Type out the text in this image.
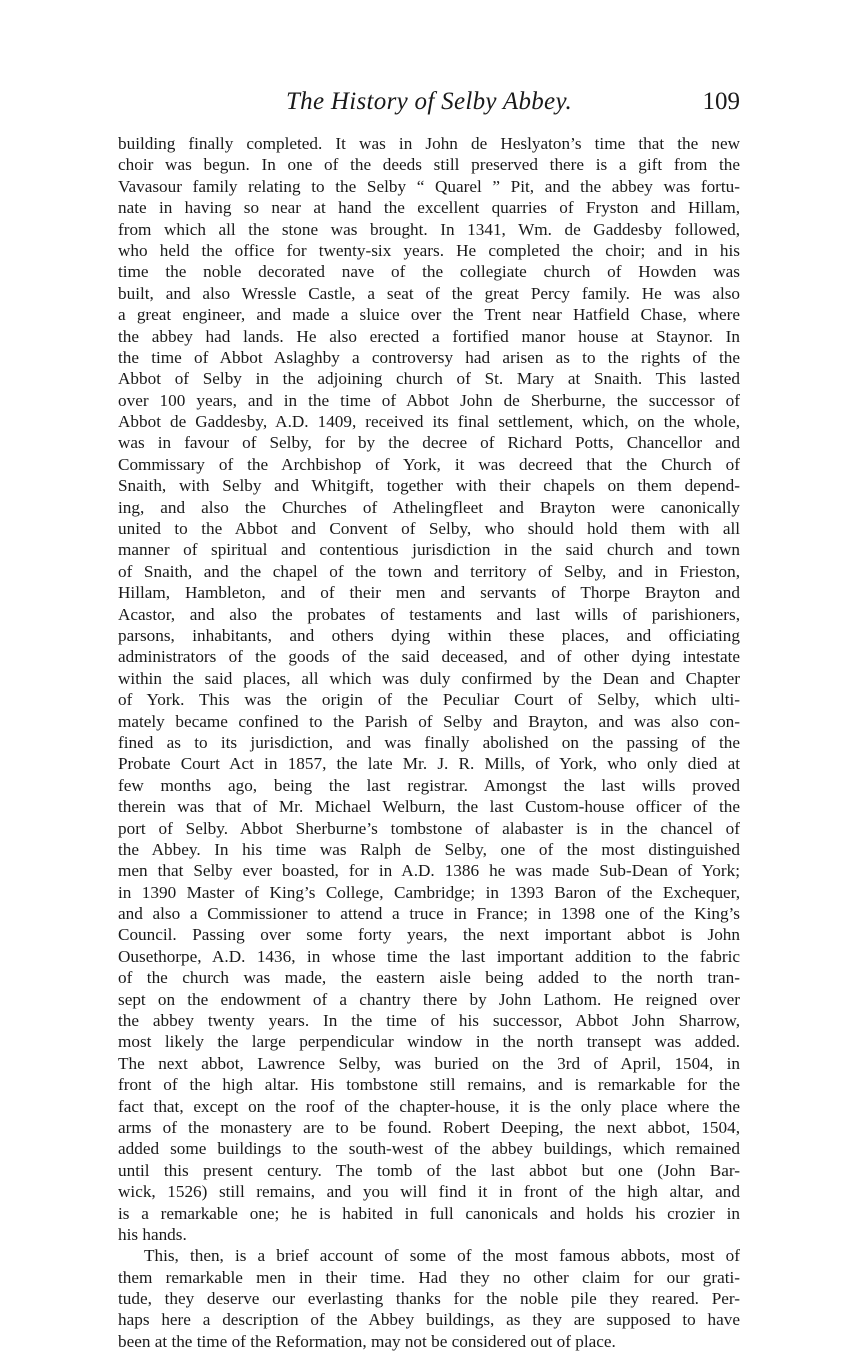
The History of Selby Abbey.	109
building finally completed. It was in John de Heslyaton’s time that the new
choir was begun. In one of the deeds still preserved there is a gift from the
Vavasour family relating to the Selby “ Quarel ” Pit, and the abbey was fortu-
nate in having so near at hand the excellent quarries of Fryston and Hillam,
from which all the stone was brought. In 1341, Wm. de Gaddesby followed,
who held the office for twenty-six years. He completed the choir; and in his
time the noble decorated nave of the collegiate church of Howden was
built, and also Wressle Castle, a seat of the great Percy family. He was also
a great engineer, and made a sluice over the Trent near Hatfield Chase, where
the abbey had lands. He also erected a fortified manor house at Staynor. In
the time of Abbot Aslaghby a controversy had arisen as to the rights of the
Abbot of Selby in the adjoining church of St. Mary at Snaith. This lasted
over 100 years, and in the time of Abbot John de Sherburne, the successor of
Abbot de Gaddesby, A.D. 1409, received its final settlement, which, on the whole,
was in favour of Selby, for by the decree of Richard Potts, Chancellor and
Commissary of the Archbishop of York, it was decreed that the Church of
Snaith, with Selby and Whitgift, together with their chapels on them depend-
ing, and also the Churches of Athelingfleet and Brayton were canonically
united to the Abbot and Convent of Selby, who should hold them with all
manner of spiritual and contentious jurisdiction in the said church and town
of Snaith, and the chapel of the town and territory of Selby, and in Frieston,
Hillam, Hambleton, and of their men and servants of Thorpe Brayton and
Acastor, and also the probates of testaments and last wills of parishioners,
parsons, inhabitants, and others dying within these places, and officiating
administrators of the goods of the said deceased, and of other dying intestate
within the said places, all which was duly confirmed by the Dean and Chapter
of York. This was the origin of the Peculiar Court of Selby, which ulti-
mately became confined to the Parish of Selby and Brayton, and was also con-
fined as to its jurisdiction, and was finally abolished on the passing of the
Probate Court Act in 1857, the late Mr. J. R. Mills, of York, who only died at
few months ago, being the last registrar. Amongst the last wills proved
therein was that of Mr. Michael Welburn, the last Custom-house officer of the
port of Selby. Abbot Sherburne’s tombstone of alabaster is in the chancel of
the Abbey. In his time was Ralph de Selby, one of the most distinguished
men that Selby ever boasted, for in A.D. 1386 he was made Sub-Dean of York;
in 1390 Master of King’s College, Cambridge; in 1393 Baron of the Exchequer,
and also a Commissioner to attend a truce in France; in 1398 one of the King’s
Council. Passing over some forty years, the next important abbot is John
Ousethorpe, A.D. 1436, in whose time the last important addition to the fabric
of the church was made, the eastern aisle being added to the north tran-
sept on the endowment of a chantry there by John Lathom. He reigned over
the abbey twenty years. In the time of his successor, Abbot John Sharrow,
most likely the large perpendicular window in the north transept was added.
The next abbot, Lawrence Selby, was buried on the 3rd of April, 1504, in
front of the high altar. His tombstone still remains, and is remarkable for the
fact that, except on the roof of the chapter-house, it is the only place where the
arms of the monastery are to be found. Robert Deeping, the next abbot, 1504,
added some buildings to the south-west of the abbey buildings, which remained
until this present century. The tomb of the last abbot but one (John Bar-
wick, 1526) still remains, and you will find it in front of the high altar, and
is a remarkable one; he is habited in full canonicals and holds his crozier in
his hands.
This, then, is a brief account of some of the most famous abbots, most of
them remarkable men in their time. Had they no other claim for our grati-
tude, they deserve our everlasting thanks for the noble pile they reared. Per-
haps here a description of the Abbey buildings, as they are supposed to have
been at the time of the Reformation, may not be considered out of place.
